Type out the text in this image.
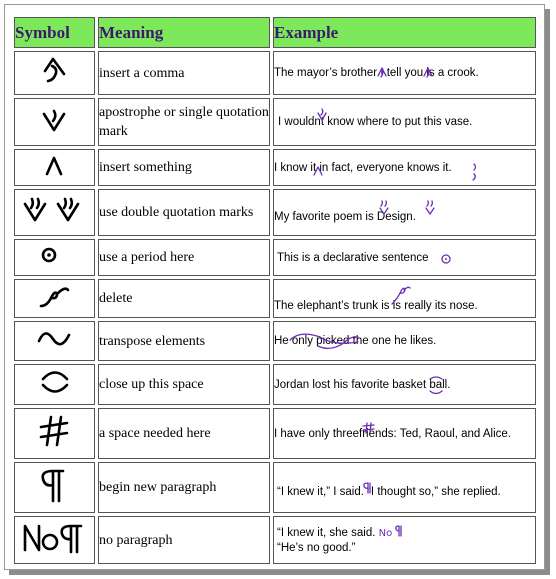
Symbol	Meaning	Example
	insert a comma	The mayor’s brother I tell you is a crook.

	apostrophe or single quotation mark	I wouldnt know where to put this vase.

	insert something	I know it in fact, everyone knows it.

	use double quotation marks	My favorite poem is Design.

	use a period here	This is a declarative sentence

	delete	The elephant’s trunk is is really its nose.

	transpose elements	He only picked the one he likes.

	close up this space	Jordan lost his favorite basket ball.

	a space needed here	I have only threefriends: Ted, Raoul, and Alice.

	begin new paragraph	“I knew it,” I said. “I thought so,” she replied.

	no paragraph	“I knew it, she said. No
“He’s no good.”
